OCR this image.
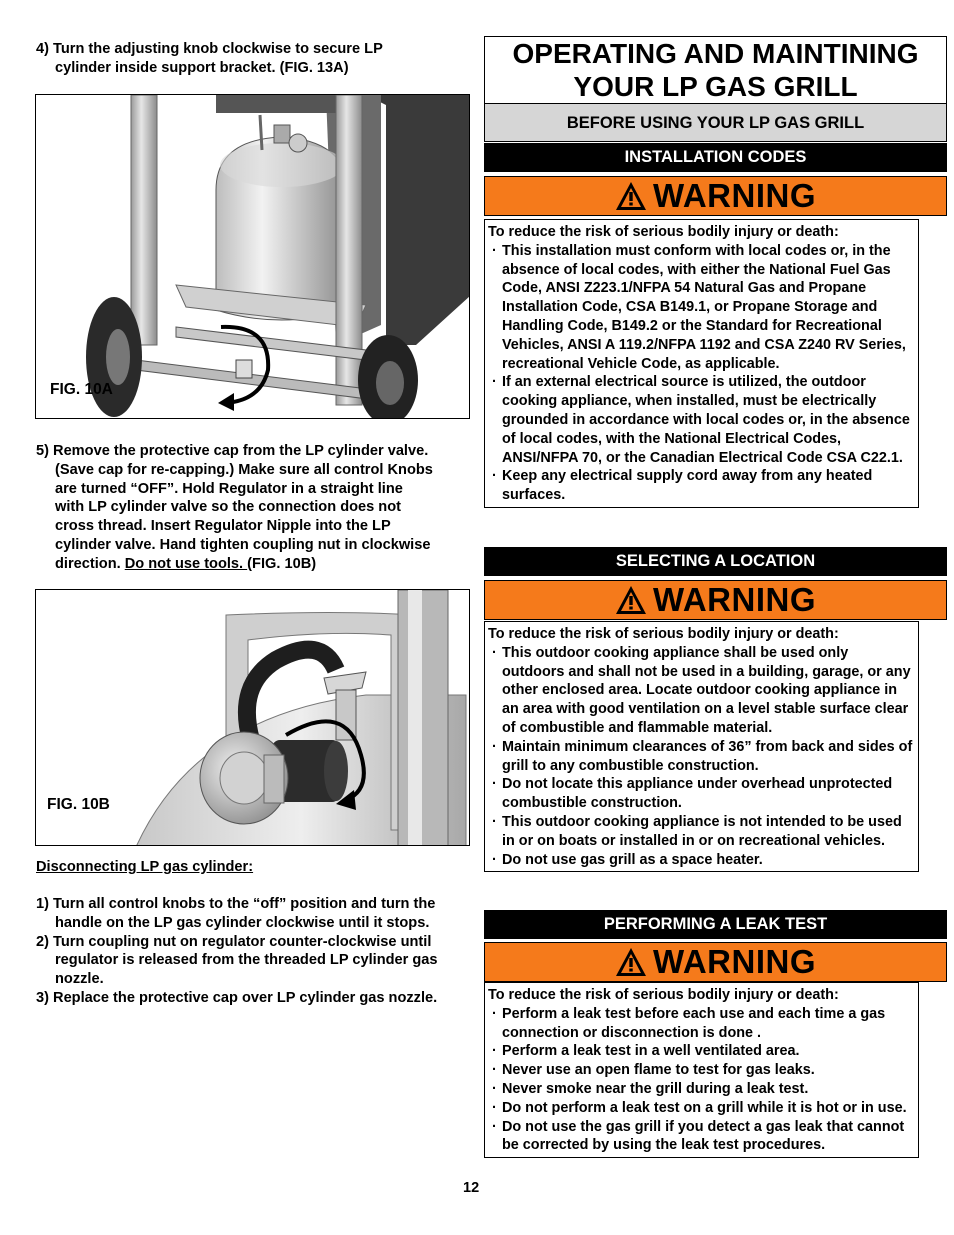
4) Turn the adjusting knob clockwise to secure LP
cylinder inside support bracket. (FIG. 13A)
FIG. 10A
5) Remove the protective cap from the LP cylinder valve.
(Save cap for re-capping.) Make sure all control Knobs
are turned “OFF”. Hold Regulator in a straight line
with LP cylinder valve so the connection does not
cross thread. Insert Regulator Nipple into the LP
cylinder valve. Hand tighten coupling nut in clockwise
direction. Do not use tools. (FIG. 10B)
FIG. 10B
Disconnecting LP gas cylinder:
1) Turn all control knobs to the “off” position and turn the handle on the LP gas cylinder clockwise until it stops.
2) Turn coupling nut on regulator counter-clockwise until regulator is released from the threaded LP cylinder gas nozzle.
3) Replace the protective cap over LP cylinder gas nozzle.
OPERATING AND MAINTINING
YOUR LP GAS GRILL
BEFORE USING YOUR LP GAS GRILL
INSTALLATION CODES
WARNING
To reduce the risk of serious bodily injury or death:
· This installation must conform with local codes or, in the absence of local codes, with either the National Fuel Gas Code, ANSI Z223.1/NFPA 54 Natural Gas and Propane Installation Code, CSA B149.1, or Propane Storage and Handling Code, B149.2 or the Standard for Recreational Vehicles, ANSI A 119.2/NFPA 1192 and CSA Z240 RV Series, recreational Vehicle Code, as applicable.
· If an external electrical source is utilized, the outdoor cooking appliance, when installed, must be electrically grounded in accordance with local codes or, in the absence of local codes, with the National Electrical Codes, ANSI/NFPA 70, or the Canadian Electrical Code CSA C22.1.
· Keep any electrical supply cord away from any heated surfaces.
SELECTING A LOCATION
WARNING
To reduce the risk of serious bodily injury or death:
· This outdoor cooking appliance shall be used only outdoors and shall not be used in a building, garage, or any other enclosed area. Locate outdoor cooking appliance in an area with good ventilation on a level stable surface clear of combustible and flammable material.
· Maintain minimum clearances of 36” from back and sides of grill to any combustible construction.
· Do not locate this appliance under overhead unprotected combustible construction.
· This outdoor cooking appliance is not intended to be used in or on boats or installed in or on recreational vehicles.
· Do not use gas grill as a space heater.
PERFORMING A LEAK TEST
WARNING
To reduce the risk of serious bodily injury or death:
· Perform a leak test before each use and each time a gas connection or disconnection is done .
· Perform a leak test in a well ventilated area.
· Never use an open flame to test for gas leaks.
· Never smoke near the grill during a leak test.
· Do not perform a leak test on a grill while it is hot or in use.
· Do not use the gas grill if you detect a gas leak that cannot be corrected by using the leak test procedures.
12
